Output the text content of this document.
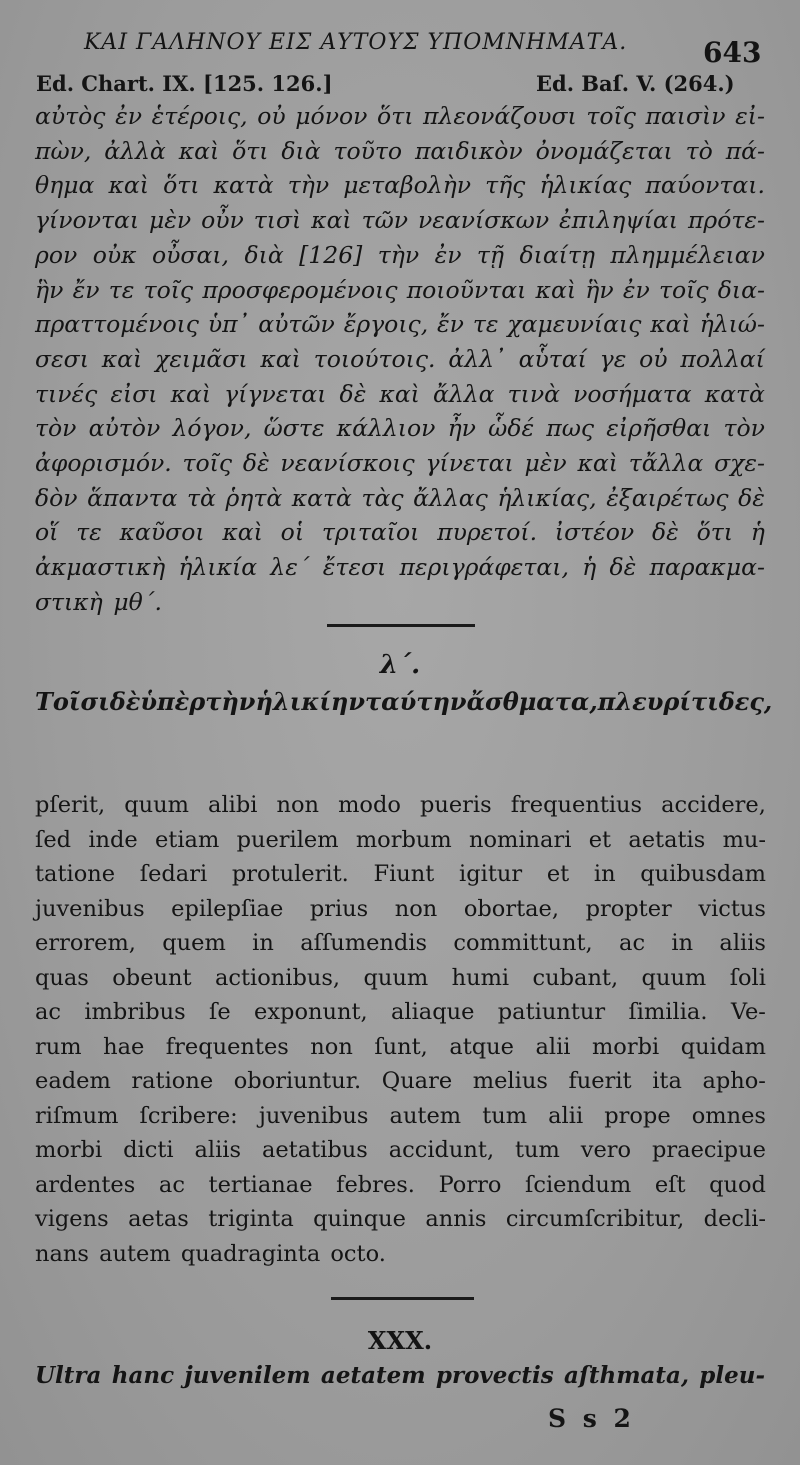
ΚΑΙ ΓΑΛΗΝΟΥ ΕΙΣ ΑΥΤΟΥΣ ΥΠΟΜΝΗΜΑΤΑ.	643
Ed. Chart. IX. [125. 126.]	Ed. Baſ. V. (264.)
αὐτὸς ἐν ἑτέροις, οὐ μόνον ὅτι πλεονάζουσι τοῖς παισὶν εἰ-
πὼν, ἀλλὰ καὶ ὅτι διὰ τοῦτο παιδικὸν ὀνομάζεται τὸ πά-
θημα καὶ ὅτι κατὰ τὴν μεταβολὴν τῆς ἡλικίας παύονται.
γίνονται μὲν οὖν τισὶ καὶ τῶν νεανίσκων ἐπιληψίαι πρότε-
ρον οὐκ οὖσαι, διὰ [126] τὴν ἐν τῇ διαίτῃ πλημμέλειαν
ἣν ἔν τε τοῖς προσφερομένοις ποιοῦνται καὶ ἣν ἐν τοῖς δια-
πραττομένοις ὑπ᾽ αὐτῶν ἔργοις, ἔν τε χαμευνίαις καὶ ἡλιώ-
σεσι καὶ χειμᾶσι καὶ τοιούτοις. ἀλλ᾽ αὗταί γε οὐ πολλαί
τινές εἰσι καὶ γίγνεται δὲ καὶ ἄλλα τινὰ νοσήματα κατὰ
τὸν αὐτὸν λόγον, ὥστε κάλλιον ἦν ὧδέ πως εἰρῆσθαι τὸν
ἀφορισμόν. τοῖς δὲ νεανίσκοις γίνεται μὲν καὶ τἄλλα σχε-
δὸν ἅπαντα τὰ ῥητὰ κατὰ τὰς ἄλλας ἡλικίας, ἐξαιρέτως δὲ
οἵ τε καῦσοι καὶ οἱ τριταῖοι πυρετοί. ἰστέον δὲ ὅτι ἡ
ἀκμαστικὴ ἡλικία λε´ ἔτεσι περιγράφεται, ἡ δὲ παρακμα-
στικὴ μθ´.
λ´.
Τοῖσι δὲ ὑπὲρ τὴν ἡλικίην ταύτην ἄσθματα, πλευρίτιδες,
pſerit, quum alibi non modo pueris frequentius accidere,
ſed inde etiam puerilem morbum nominari et aetatis mu-
tatione ſedari protulerit. Fiunt igitur et in quibusdam
juvenibus epilepſiae prius non obortae, propter victus
errorem, quem in aſſumendis committunt, ac in aliis
quas obeunt actionibus, quum humi cubant, quum ſoli
ac imbribus ſe exponunt, aliaque patiuntur ſimilia. Ve-
rum hae frequentes non ſunt, atque alii morbi quidam
eadem ratione oboriuntur. Quare melius fuerit ita apho-
riſmum ſcribere: juvenibus autem tum alii prope omnes
morbi dicti aliis aetatibus accidunt, tum vero praecipue
ardentes ac tertianae febres. Porro ſciendum eſt quod
vigens aetas triginta quinque annis circumſcribitur, decli-
nans autem quadraginta octo.
XXX.
Ultra hanc juvenilem aetatem provectis aſthmata, pleu-
S s 2
